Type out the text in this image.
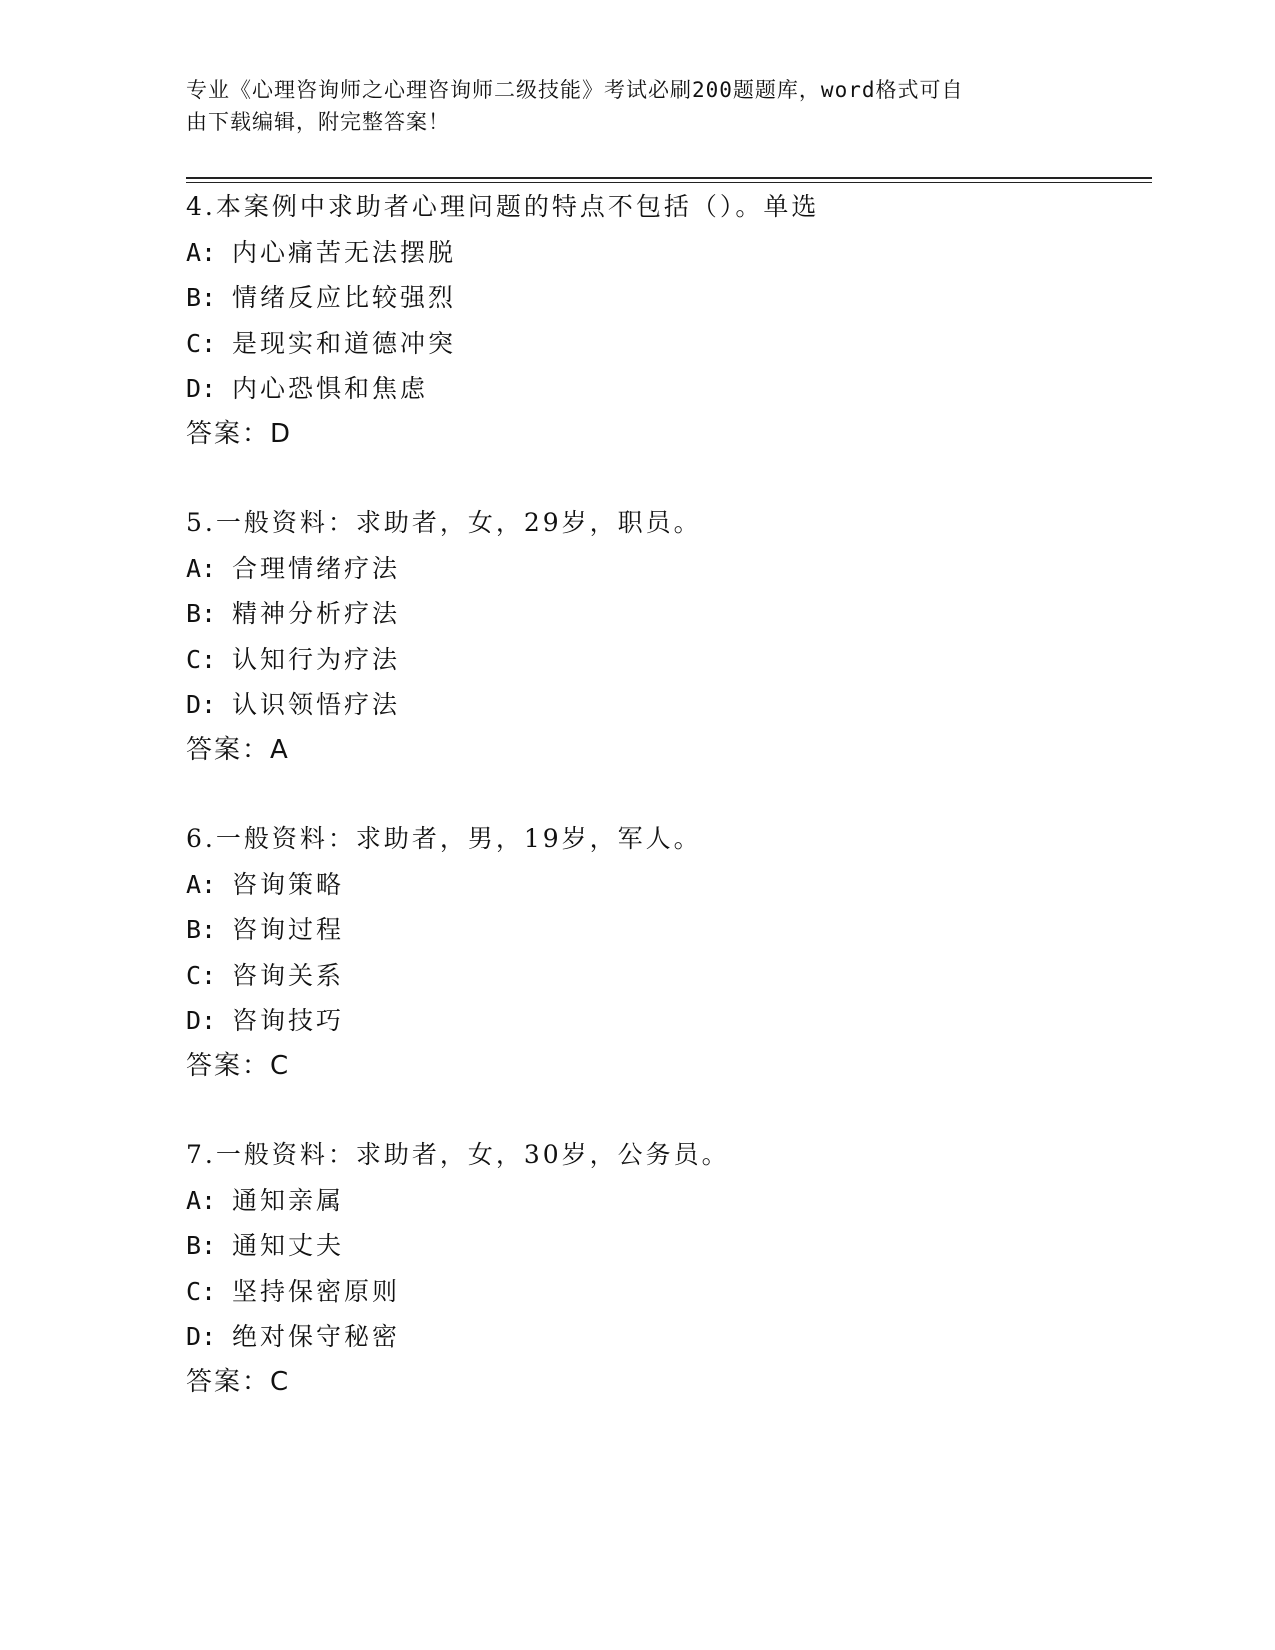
专业《心理咨询师之心理咨询师二级技能》考试必刷200题题库，word格式可自
由下载编辑，附完整答案！
4.本案例中求助者心理问题的特点不包括（）。单选
A: 内心痛苦无法摆脱
B: 情绪反应比较强烈
C: 是现实和道德冲突
D: 内心恐惧和焦虑
答案：D
5.一般资料：求助者，女，29岁，职员。
A: 合理情绪疗法
B: 精神分析疗法
C: 认知行为疗法
D: 认识领悟疗法
答案：A
6.一般资料：求助者，男，19岁，军人。
A: 咨询策略
B: 咨询过程
C: 咨询关系
D: 咨询技巧
答案：C
7.一般资料：求助者，女，30岁，公务员。
A: 通知亲属
B: 通知丈夫
C: 坚持保密原则
D: 绝对保守秘密
答案：C
